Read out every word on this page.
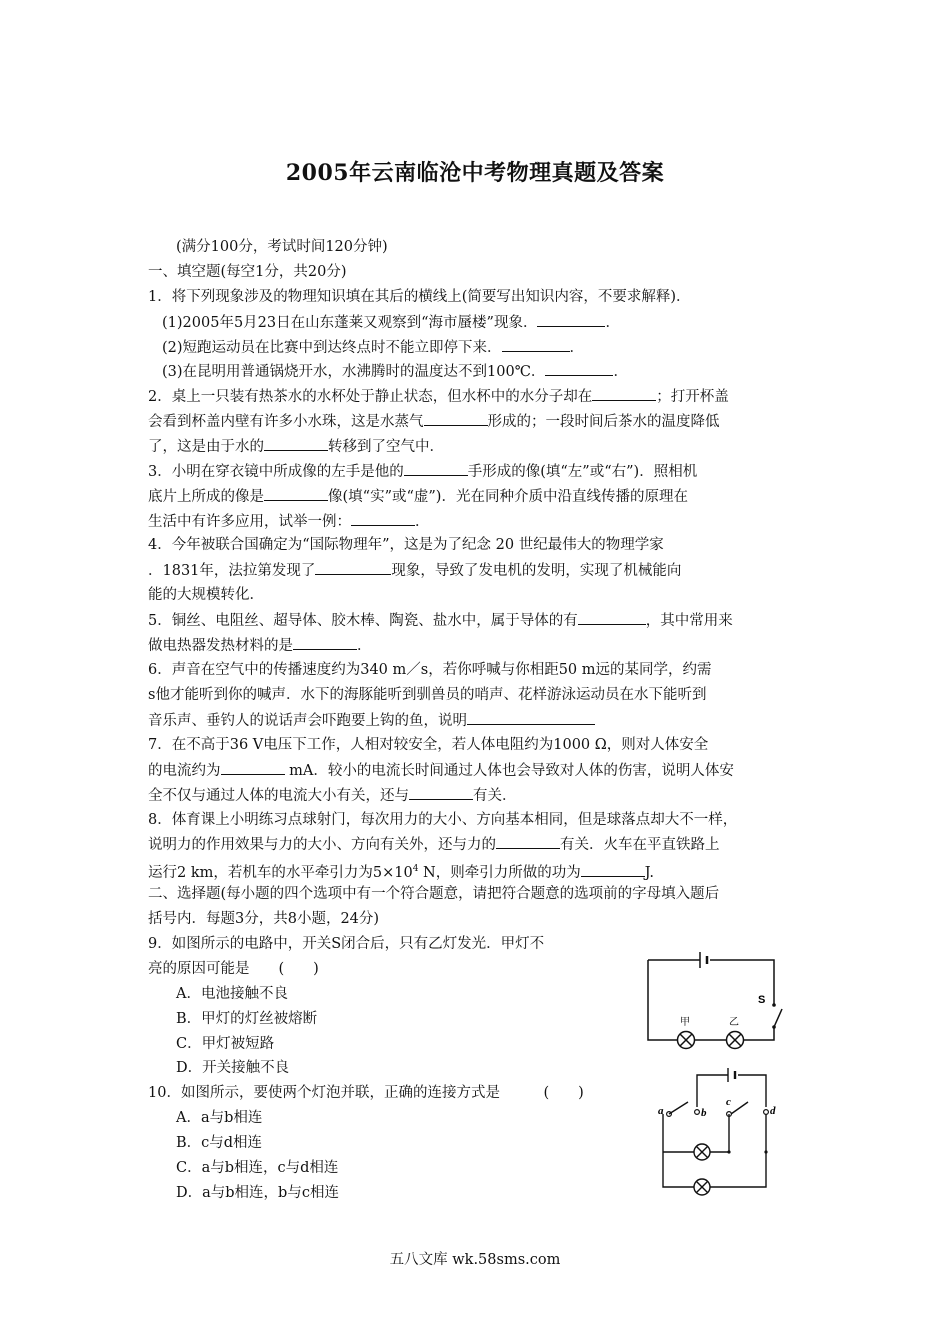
2005年云南临沧中考物理真题及答案
(满分100分，考试时间120分钟)
一、填空题(每空1分，共20分)
1．将下列现象涉及的物理知识填在其后的横线上(简要写出知识内容，不要求解释)．
(1)2005年5月23日在山东蓬莱又观察到“海市蜃楼”现象．	．
(2)短跑运动员在比赛中到达终点时不能立即停下来．	．
(3)在昆明用普通锅烧开水，水沸腾时的温度达不到100℃．	．
2．桌上一只装有热茶水的水杯处于静止状态，但水杯中的水分子却在	；打开杯盖
会看到杯盖内壁有许多小水珠，这是水蒸气	形成的；一段时间后茶水的温度降低
了，这是由于水的	转移到了空气中．
3．小明在穿衣镜中所成像的左手是他的	手形成的像(填“左”或“右”)．照相机
底片上所成的像是	像(填“实”或“虚”)．光在同种介质中沿直线传播的原理在
生活中有许多应用，试举一例：	．
4．今年被联合国确定为“国际物理年”，这是为了纪念 20 世纪最伟大的物理学家
．1831年，法拉第发现了	现象，导致了发电机的发明，实现了机械能向
能的大规模转化．
5．铜丝、电阻丝、超导体、胶木棒、陶瓷、盐水中，属于导体的有	，其中常用来
做电热器发热材料的是	．
6．声音在空气中的传播速度约为340 m／s，若你呼喊与你相距50 m远的某同学，约需
s他才能听到你的喊声．水下的海豚能听到驯兽员的哨声、花样游泳运动员在水下能听到
音乐声、垂钓人的说话声会吓跑要上钩的鱼，说明
7．在不高于36 V电压下工作，人相对较安全，若人体电阻约为1000 Ω，则对人体安全
的电流约为	mA．较小的电流长时间通过人体也会导致对人体的伤害，说明人体安
全不仅与通过人体的电流大小有关，还与	有关．
8．体育课上小明练习点球射门，每次用力的大小、方向基本相同，但是球落点却大不一样，
说明力的作用效果与力的大小、方向有关外，还与力的	有关．火车在平直铁路上
运行2 km，若机车的水平牵引力为$5\times 10^4$ N，则牵引力所做的功为	J.
二、选择题(每小题的四个选项中有一个符合题意，请把符合题意的选项前的字母填入题后
括号内．每题3分，共8小题，24分)
9．如图所示的电路中，开关S闭合后，只有乙灯发光．甲灯不
亮的原因可能是　　(　　)
A．电池接触不良
B．甲灯的灯丝被熔断
C．甲灯被短路
D．开关接触不良
S
甲	乙
10．如图所示，要使两个灯泡并联，正确的连接方式是　　　(　　)
A．a与b相连
B．c与d相连
C．a与b相连，c与d相连
D．a与b相连，b与c相连
a	b
c
d
五八文库 wk.58sms.com
